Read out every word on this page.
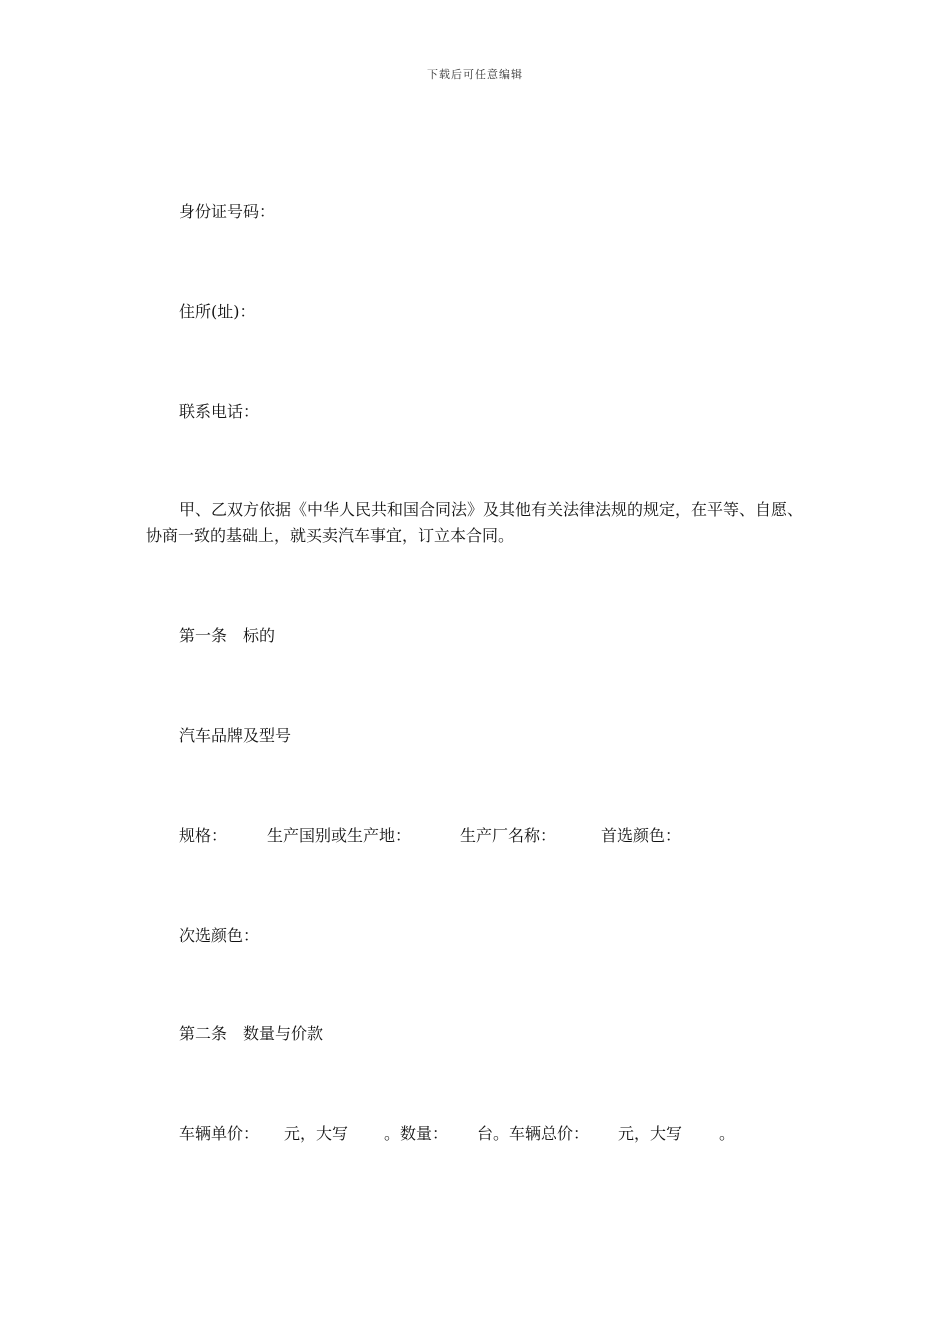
下载后可任意编辑
身份证号码：
住所(址)：
联系电话：
甲、乙双方依据《中华人民共和国合同法》及其他有关法律法规的规定，在平等、自愿、协商一致的基础上，就买卖汽车事宜，订立本合同。
第一条　标的
汽车品牌及型号
规格： 生产国别或生产地：	生产厂名称：	首选颜色：
次选颜色：
第二条　数量与价款
车辆单价： 元，大写 。数量： 台。车辆总价： 元，大写 。
